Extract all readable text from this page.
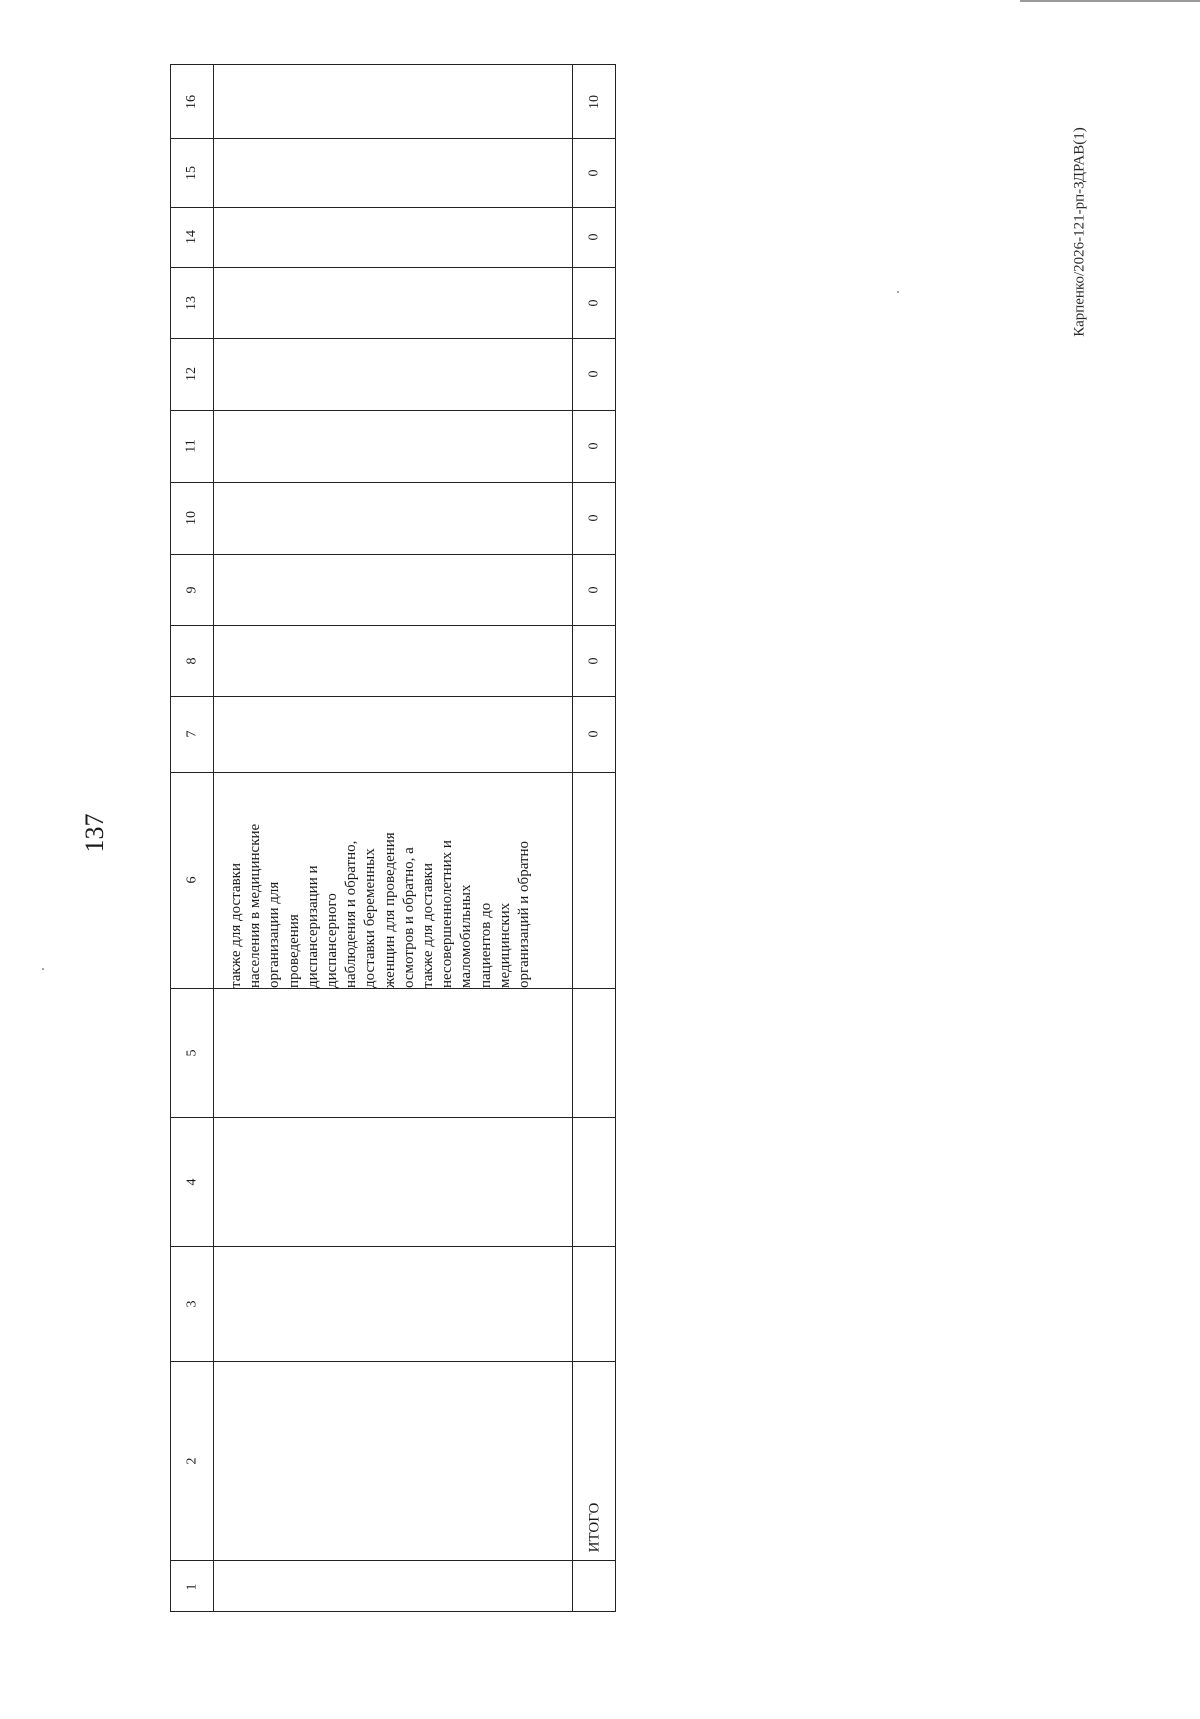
137
Карпенко/2026-121-рп-ЗДРАВ(1)
1
2
3
4
5
6
7
8
9
10
11
12
13
14
15
16
также для доставки населения в медицинские организации для проведения диспансеризации и диспансерного наблюдения и обратно, доставки беременных женщин для проведения осмотров и обратно, а также для доставки несовершеннолетних и маломобильных пациентов до медицинских организаций и обратно
ИТОГО
0
0
0
0
0
0
0
0
0
10
